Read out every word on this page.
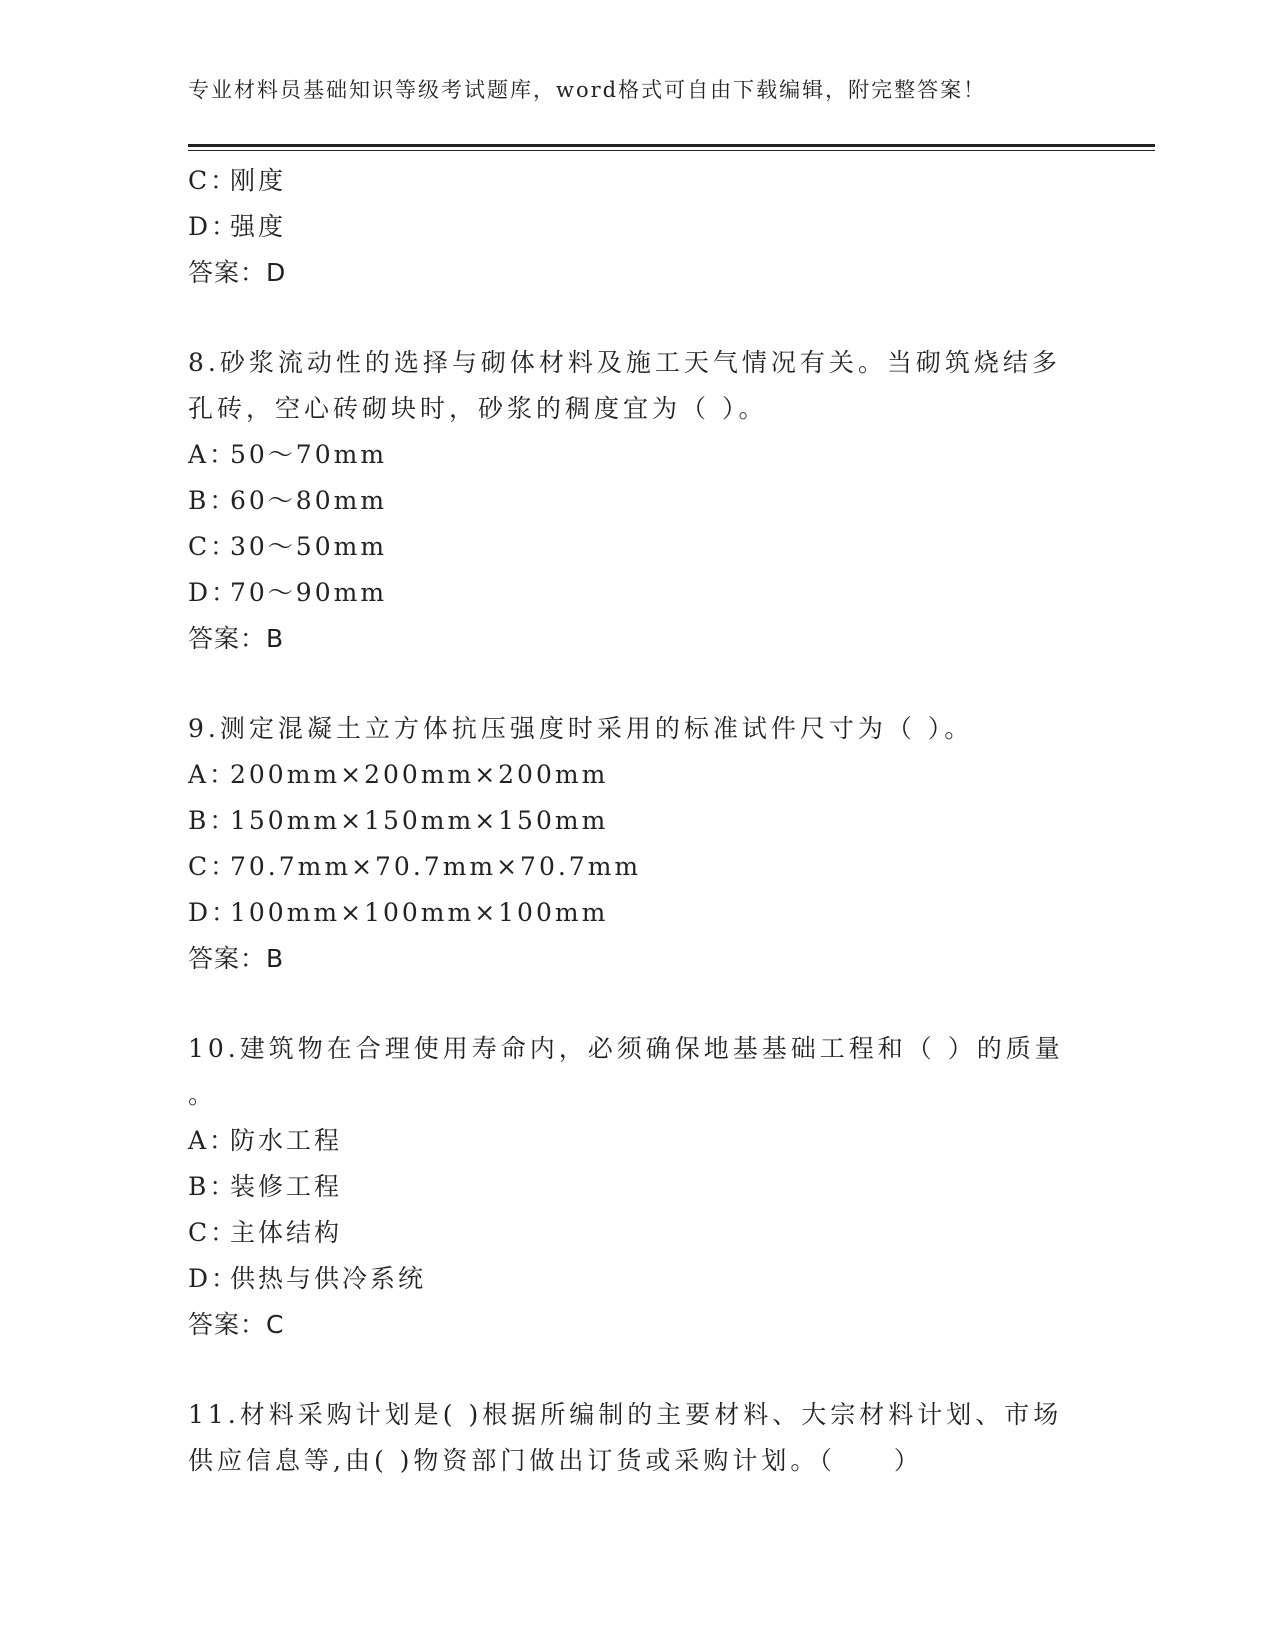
专业材料员基础知识等级考试题库，word格式可自由下载编辑，附完整答案！
C：刚度
D：强度
答案：D
8.砂浆流动性的选择与砌体材料及施工天气情况有关。当砌筑烧结多
孔砖，空心砖砌块时，砂浆的稠度宜为（ ）。
A：50～70mm
B：60～80mm
C：30～50mm
D：70～90mm
答案：B
9.测定混凝土立方体抗压强度时采用的标准试件尺寸为（ ）。
A：200mm×200mm×200mm
B：150mm×150mm×150mm
C：70.7mm×70.7mm×70.7mm
D：100mm×100mm×100mm
答案：B
10.建筑物在合理使用寿命内，必须确保地基基础工程和（ ）的质量
。
A：防水工程
B：装修工程
C：主体结构
D：供热与供冷系统
答案：C
11.材料采购计划是( )根据所编制的主要材料、大宗材料计划、市场
供应信息等,由( )物资部门做出订货或采购计划。（　　）
